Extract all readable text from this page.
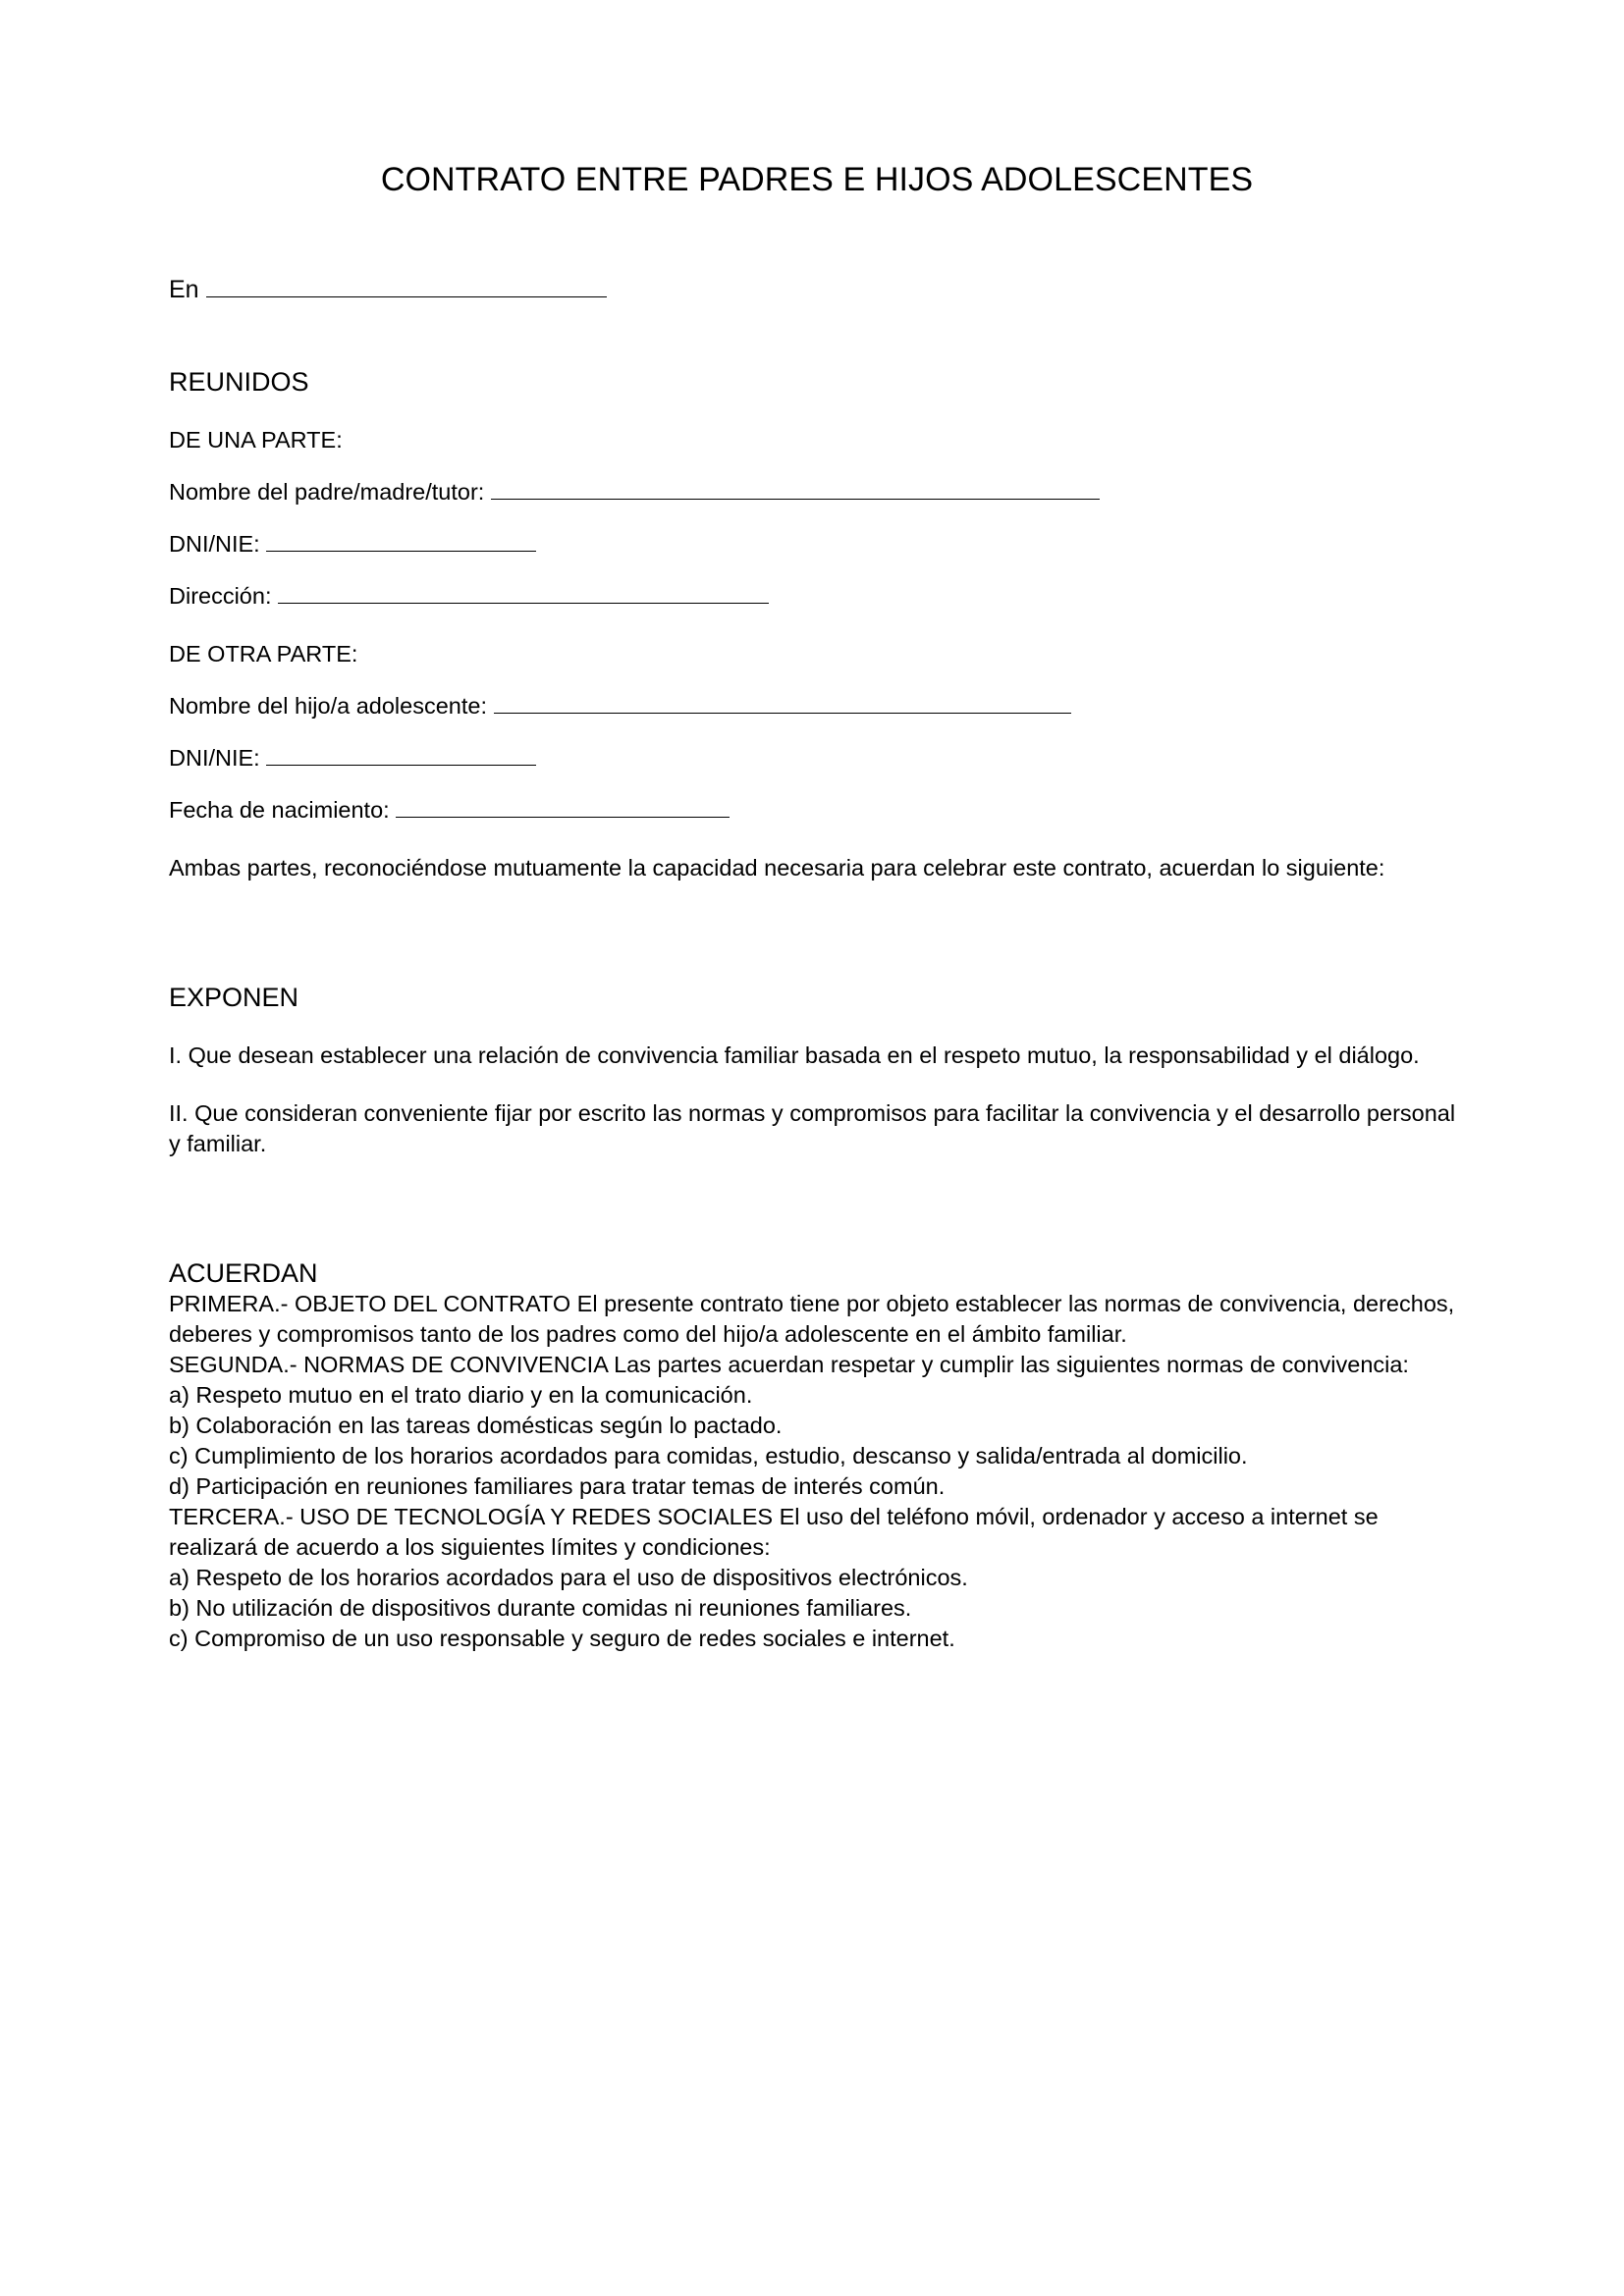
CONTRATO ENTRE PADRES E HIJOS ADOLESCENTES
En
REUNIDOS

DE UNA PARTE:

Nombre del padre/madre/tutor:
DNI/NIE:
Dirección:

DE OTRA PARTE:

Nombre del hijo/a adolescente:
DNI/NIE:
Fecha de nacimiento:

Ambas partes, reconociéndose mutuamente la capacidad necesaria para celebrar este contrato, acuerdan lo siguiente:

EXPONEN

I. Que desean establecer una relación de convivencia familiar basada en el respeto mutuo, la responsabilidad y el diálogo.

II. Que consideran conveniente fijar por escrito las normas y compromisos para facilitar la convivencia y el desarrollo personal y familiar.

ACUERDAN
PRIMERA.- OBJETO DEL CONTRATO El presente contrato tiene por objeto establecer las normas de convivencia, derechos, deberes y compromisos tanto de los padres como del hijo/a adolescente en el ámbito familiar.
SEGUNDA.- NORMAS DE CONVIVENCIA Las partes acuerdan respetar y cumplir las siguientes normas de convivencia:
a) Respeto mutuo en el trato diario y en la comunicación.
b) Colaboración en las tareas domésticas según lo pactado.
c) Cumplimiento de los horarios acordados para comidas, estudio, descanso y salida/entrada al domicilio.
d) Participación en reuniones familiares para tratar temas de interés común.
TERCERA.- USO DE TECNOLOGÍA Y REDES SOCIALES El uso del teléfono móvil, ordenador y acceso a internet se realizará de acuerdo a los siguientes límites y condiciones:
a) Respeto de los horarios acordados para el uso de dispositivos electrónicos.
b) No utilización de dispositivos durante comidas ni reuniones familiares.
c) Compromiso de un uso responsable y seguro de redes sociales e internet.
